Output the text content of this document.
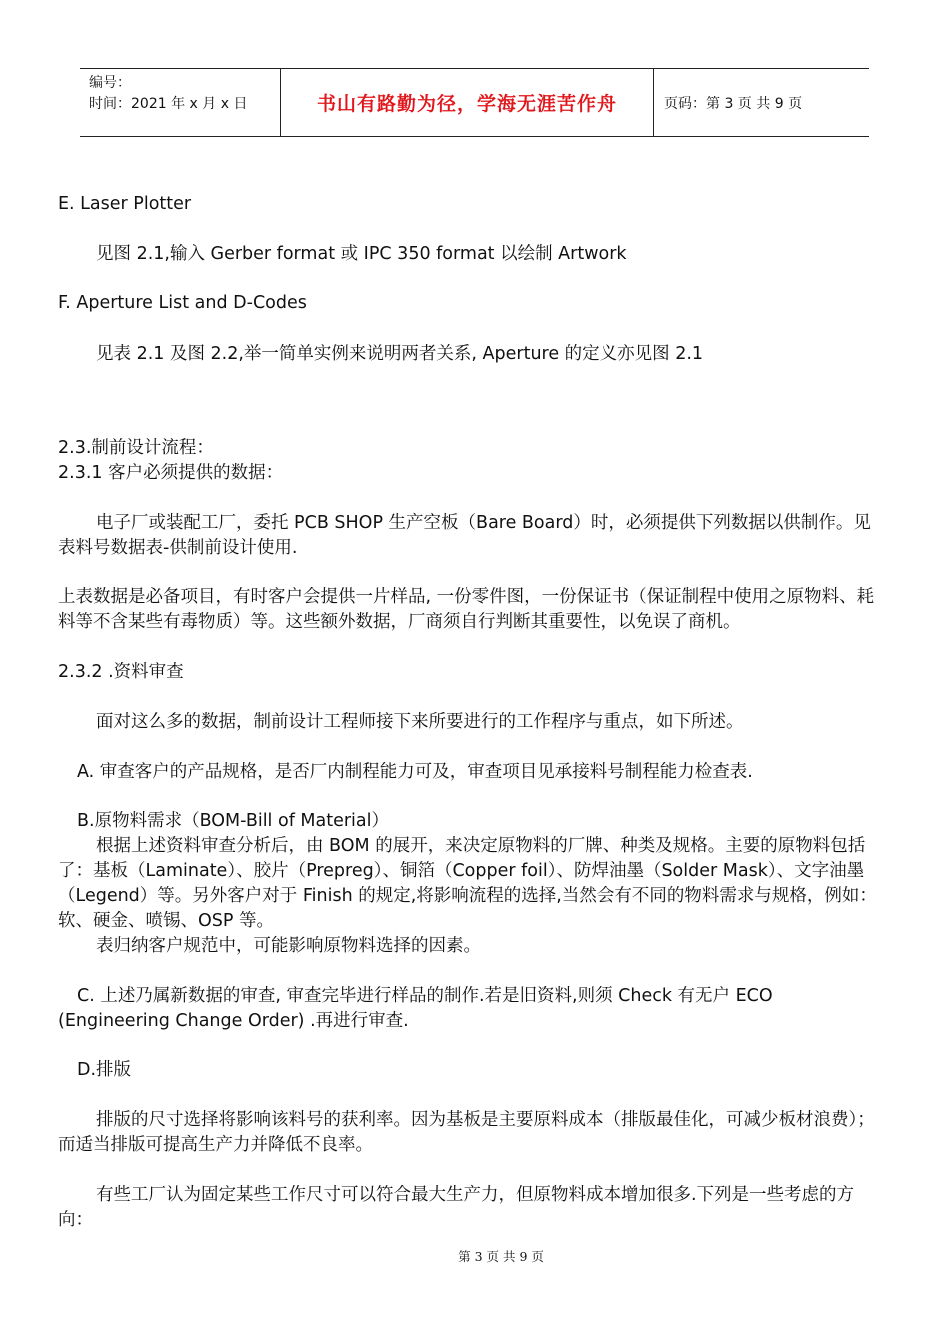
编号：
时间：2021 年 x 月 x 日	书山有路勤为径，学海无涯苦作舟	页码：第 3 页 共 9 页

E. Laser Plotter

见图 2.1,输入 Gerber format 或 IPC 350 format 以绘制 Artwork

F. Aperture List and D-Codes

见表 2.1 及图 2.2,举一简单实例来说明两者关系, Aperture 的定义亦见图 2.1

2.3.制前设计流程：

2.3.1 客户必须提供的数据：

电子厂或装配工厂，委托 PCB SHOP 生产空板（Bare Board）时，必须提供下列数据以供制作。见表料号数据表-供制前设计使用.

上表数据是必备项目，有时客户会提供一片样品, 一份零件图，一份保证书（保证制程中使用之原物料、耗料等不含某些有毒物质）等。这些额外数据，厂商须自行判断其重要性，以免误了商机。

2.3.2 .资料审查

面对这么多的数据，制前设计工程师接下来所要进行的工作程序与重点，如下所述。

A. 审查客户的产品规格，是否厂内制程能力可及，审查项目见承接料号制程能力检查表.

B.原物料需求（BOM-Bill of Material）

根据上述资料审查分析后，由 BOM 的展开，来决定原物料的厂牌、种类及规格。主要的原物料包括了：基板（Laminate）、胶片（Prepreg）、铜箔（Copper foil）、防焊油墨（Solder Mask）、文字油墨（Legend）等。另外客户对于 Finish 的规定,将影响流程的选择,当然会有不同的物料需求与规格，例如：软、硬金、喷锡、OSP 等。

表归纳客户规范中，可能影响原物料选择的因素。

C. 上述乃属新数据的审查, 审查完毕进行样品的制作.若是旧资料,则须 Check 有无户 ECO (Engineering Change Order) .再进行审查.

D.排版

排版的尺寸选择将影响该料号的获利率。因为基板是主要原料成本（排版最佳化，可减少板材浪费）；而适当排版可提高生产力并降低不良率。

有些工厂认为固定某些工作尺寸可以符合最大生产力，但原物料成本增加很多.下列是一些考虑的方向：

第 3 页 共 9 页
